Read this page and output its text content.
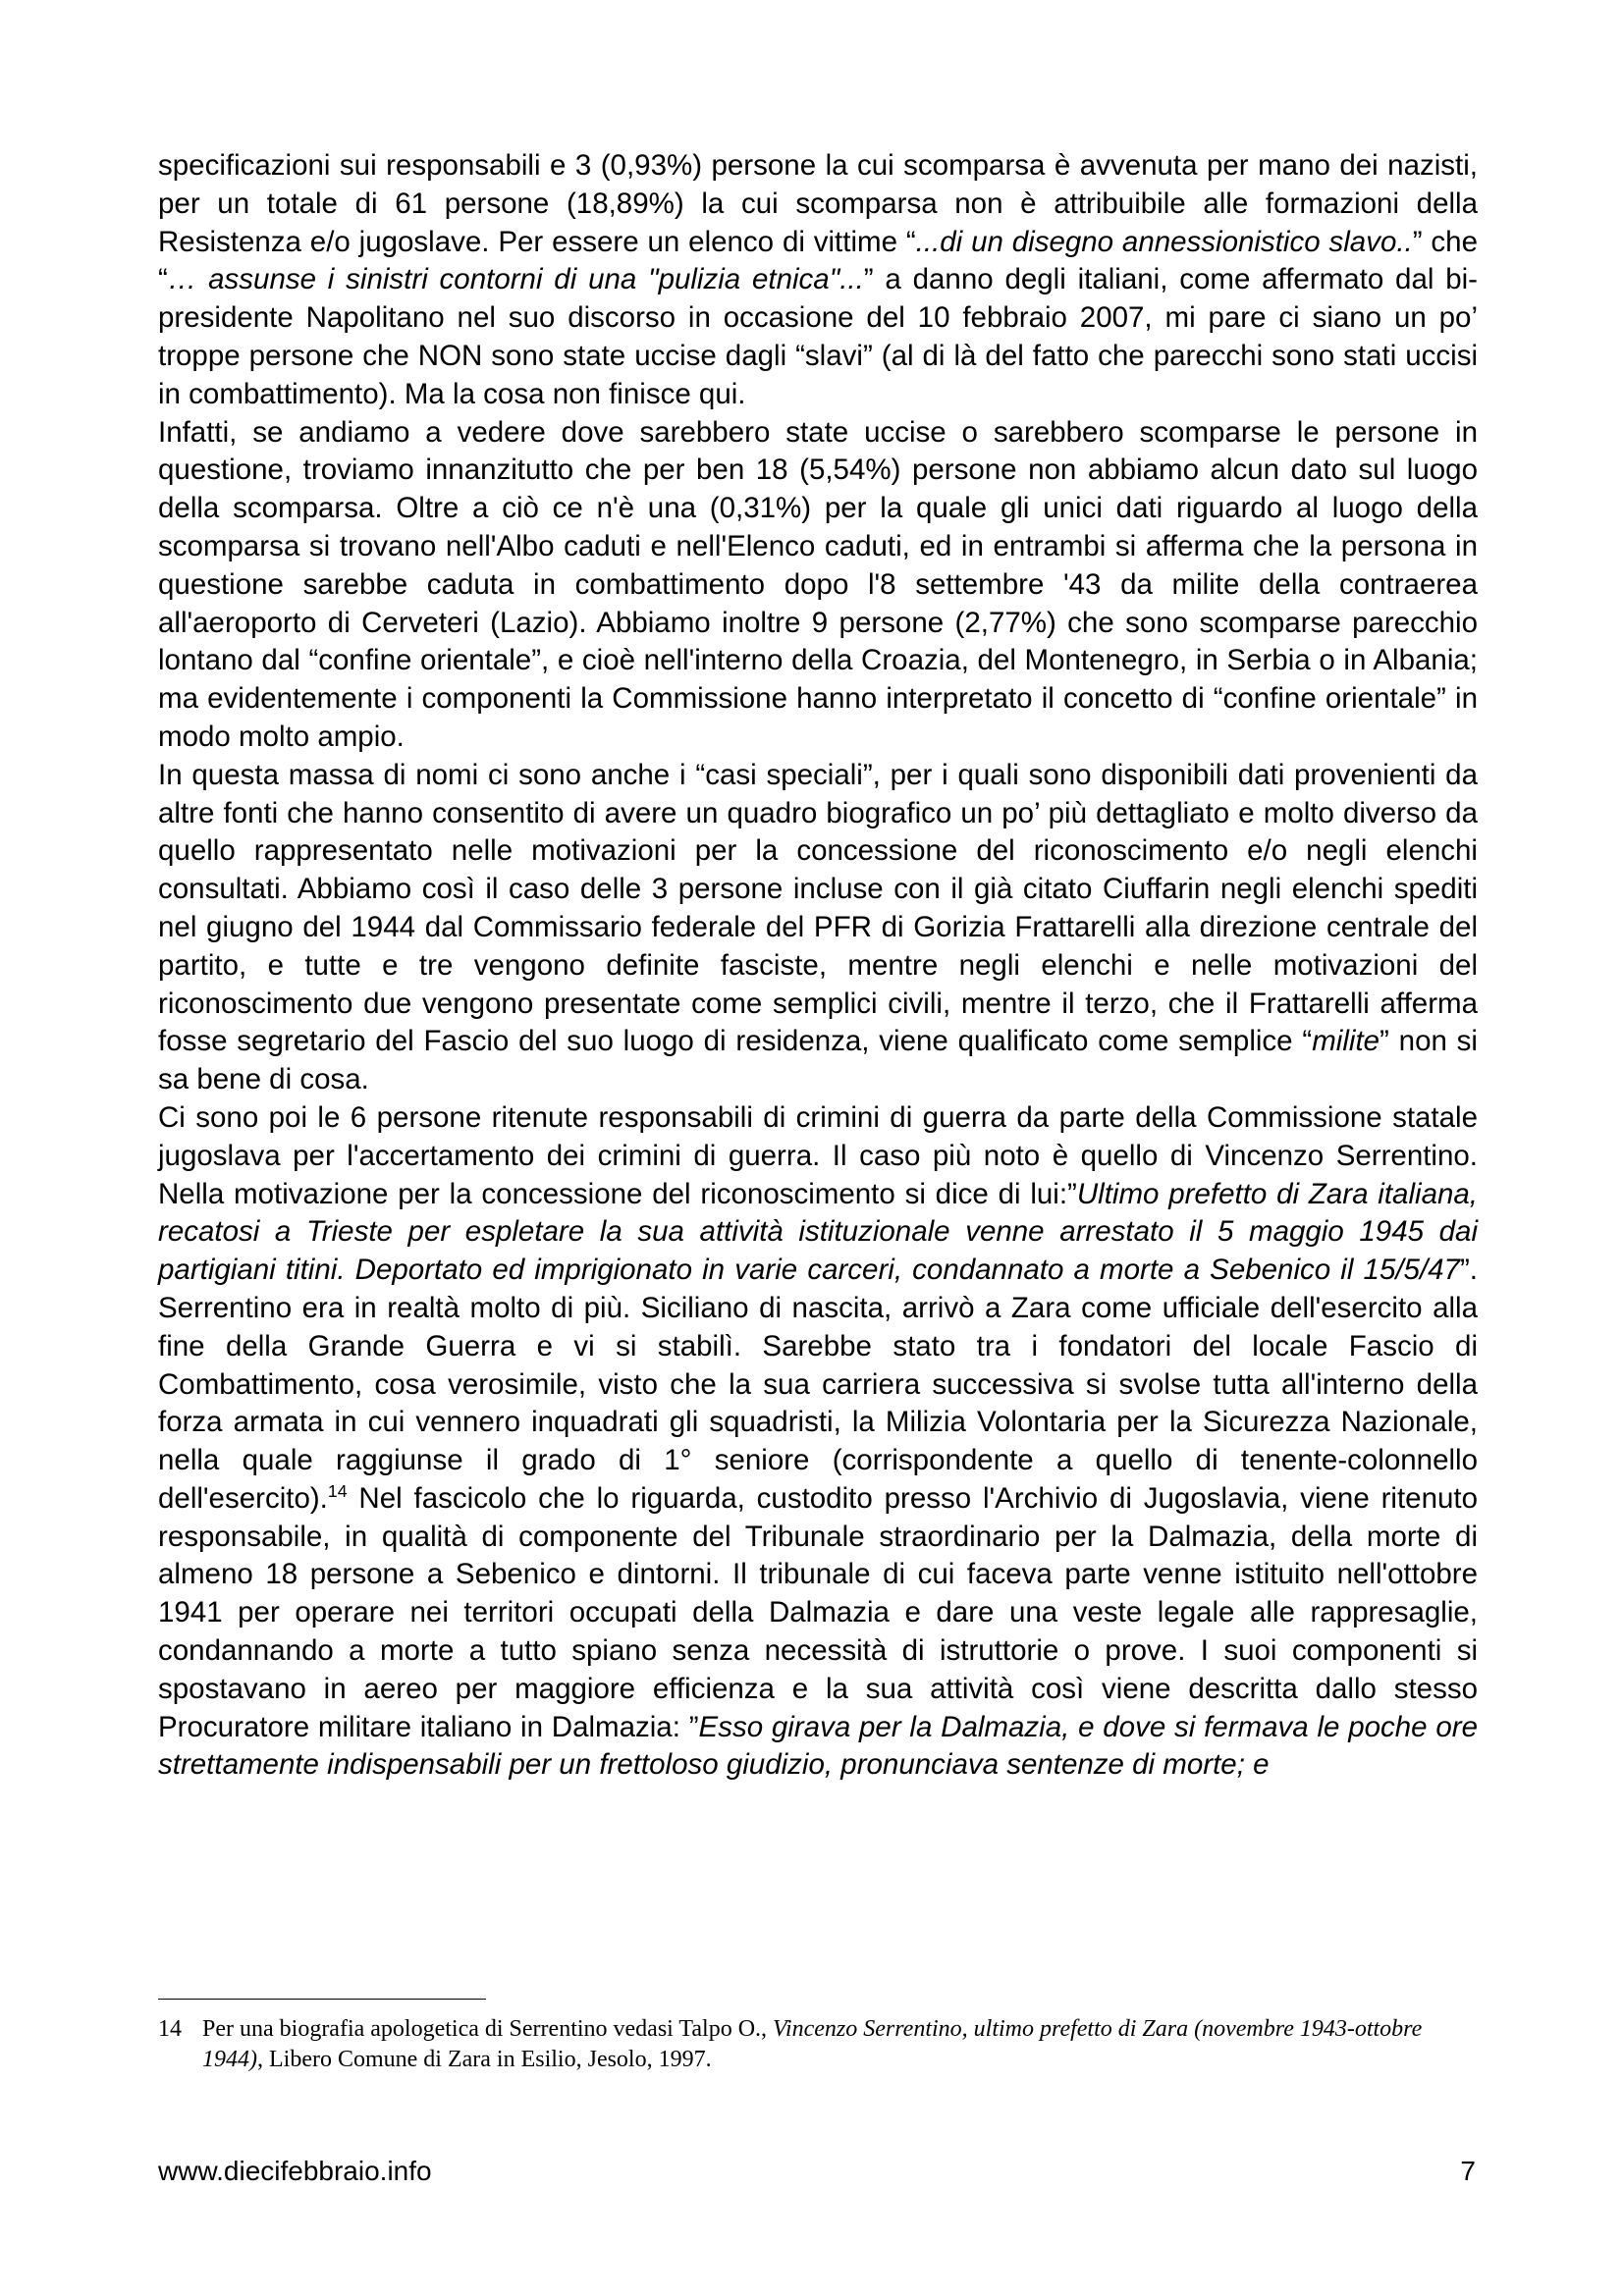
specificazioni sui responsabili e 3 (0,93%) persone la cui scomparsa è avvenuta per mano dei nazisti, per un totale di 61 persone (18,89%) la cui scomparsa non è attribuibile alle formazioni della Resistenza e/o jugoslave. Per essere un elenco di vittime “...di un disegno annessionistico slavo..” che “… assunse i sinistri contorni di una "pulizia etnica"...” a danno degli italiani, come affermato dal bi-presidente Napolitano nel suo discorso in occasione del 10 febbraio 2007, mi pare ci siano un po’ troppe persone che NON sono state uccise dagli “slavi” (al di là del fatto che parecchi sono stati uccisi in combattimento). Ma la cosa non finisce qui.

Infatti, se andiamo a vedere dove sarebbero state uccise o sarebbero scomparse le persone in questione, troviamo innanzitutto che per ben 18 (5,54%) persone non abbiamo alcun dato sul luogo della scomparsa. Oltre a ciò ce n'è una (0,31%) per la quale gli unici dati riguardo al luogo della scomparsa si trovano nell'Albo caduti e nell'Elenco caduti, ed in entrambi si afferma che la persona in questione sarebbe caduta in combattimento dopo l'8 settembre '43 da milite della contraerea all'aeroporto di Cerveteri (Lazio). Abbiamo inoltre 9 persone (2,77%) che sono scomparse parecchio lontano dal “confine orientale”, e cioè nell'interno della Croazia, del Montenegro, in Serbia o in Albania; ma evidentemente i componenti la Commissione hanno interpretato il concetto di “confine orientale” in modo molto ampio.

In questa massa di nomi ci sono anche i “casi speciali”, per i quali sono disponibili dati provenienti da altre fonti che hanno consentito di avere un quadro biografico un po’ più dettagliato e molto diverso da quello rappresentato nelle motivazioni per la concessione del riconoscimento e/o negli elenchi consultati. Abbiamo così il caso delle 3 persone incluse con il già citato Ciuffarin negli elenchi spediti nel giugno del 1944 dal Commissario federale del PFR di Gorizia Frattarelli alla direzione centrale del partito, e tutte e tre vengono definite fasciste, mentre negli elenchi e nelle motivazioni del riconoscimento due vengono presentate come semplici civili, mentre il terzo, che il Frattarelli afferma fosse segretario del Fascio del suo luogo di residenza, viene qualificato come semplice “milite” non si sa bene di cosa.

Ci sono poi le 6 persone ritenute responsabili di crimini di guerra da parte della Commissione statale jugoslava per l'accertamento dei crimini di guerra. Il caso più noto è quello di Vincenzo Serrentino. Nella motivazione per la concessione del riconoscimento si dice di lui:”Ultimo prefetto di Zara italiana, recatosi a Trieste per espletare la sua attività istituzionale venne arrestato il 5 maggio 1945 dai partigiani titini. Deportato ed imprigionato in varie carceri, condannato a morte a Sebenico il 15/5/47”. Serrentino era in realtà molto di più. Siciliano di nascita, arrivò a Zara come ufficiale dell'esercito alla fine della Grande Guerra e vi si stabilì. Sarebbe stato tra i fondatori del locale Fascio di Combattimento, cosa verosimile, visto che la sua carriera successiva si svolse tutta all'interno della forza armata in cui vennero inquadrati gli squadristi, la Milizia Volontaria per la Sicurezza Nazionale, nella quale raggiunse il grado di 1° seniore (corrispondente a quello di tenente-colonnello dell'esercito).$^{14}$ Nel fascicolo che lo riguarda, custodito presso l'Archivio di Jugoslavia, viene ritenuto responsabile, in qualità di componente del Tribunale straordinario per la Dalmazia, della morte di almeno 18 persone a Sebenico e dintorni. Il tribunale di cui faceva parte venne istituito nell'ottobre 1941 per operare nei territori occupati della Dalmazia e dare una veste legale alle rappresaglie, condannando a morte a tutto spiano senza necessità di istruttorie o prove. I suoi componenti si spostavano in aereo per maggiore efficienza e la sua attività così viene descritta dallo stesso Procuratore militare italiano in Dalmazia: ”Esso girava per la Dalmazia, e dove si fermava le poche ore strettamente indispensabili per un frettoloso giudizio, pronunciava sentenze di morte; e

14 Per una biografia apologetica di Serrentino vedasi Talpo O., Vincenzo Serrentino, ultimo prefetto di Zara (novembre 1943-ottobre 1944), Libero Comune di Zara in Esilio, Jesolo, 1997.
www.diecifebbraio.info	7
